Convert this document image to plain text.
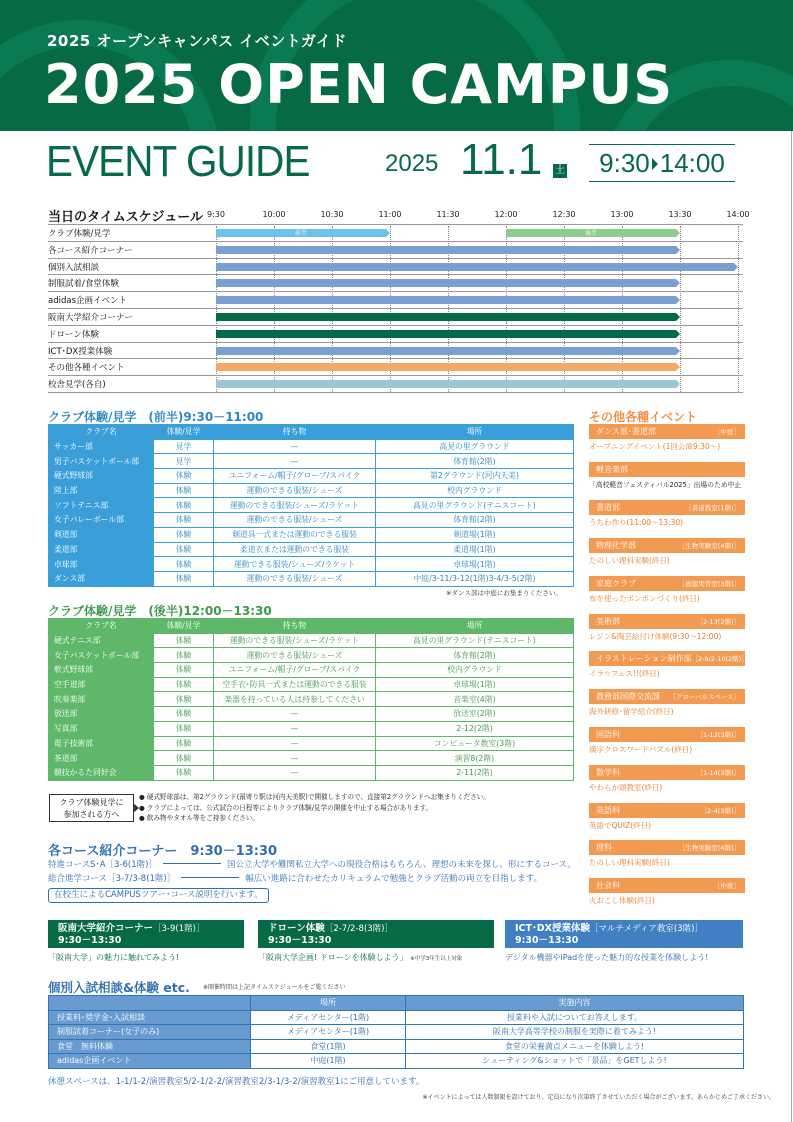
2025 オープンキャンパス イベントガイド
2025 OPEN CAMPUS
EVENT GUIDE	2025 11.1 土	9:30 14:00
当日のタイムスケジュール 9:30	10:00	10:30	11:00	11:30	12:00	12:30	13:00	13:30	14:00
クラブ体験/見学	前半	後半
各コース紹介コーナー
個別入試相談
制服試着/食堂体験
adidas企画イベント
阪南大学紹介コーナー
ドローン体験
ICT･DX授業体験
その他各種イベント
校舎見学(各自)
クラブ体験/見学　(前半)9:30－11:00
クラブ名	体験/見学	持ち物	場所
サッカー部	見学	—	高見の里グラウンド
男子バスケットボール部	見学	—	体育館(2階)
硬式野球部	体験	ユニフォーム/帽子/グローブ/スパイク	第2グラウンド(河内天美)
陸上部	体験	運動のできる服装/シューズ	校内グラウンド
ソフトテニス部	体験	運動のできる服装/シューズ/ラケット	高見の里グラウンド(テニスコート)
女子バレーボール部	体験	運動のできる服装/シューズ	体育館(2階)
剣道部	体験	剣道具一式または運動のできる服装	剣道場(1階)
柔道部	体験	柔道衣または運動のできる服装	柔道場(1階)
卓球部	体験	運動できる服装/シューズ/ラケット	卓球場(1階)
ダンス部	体験	運動のできる服装/シューズ	中庭/3-11/3-12(1階)3-4/3-5(2階)
※ダンス部は中庭にお集まりください。
クラブ体験/見学　(後半)12:00－13:30
クラブ名	体験/見学	持ち物	場所
硬式テニス部	体験	運動のできる服装/シューズ/ラケット	高見の里グラウンド(テニスコート)
女子バスケットボール部	体験	運動のできる服装/シューズ	体育館(2階)
軟式野球部	体験	ユニフォーム/帽子/グローブ/スパイク	校内グラウンド
空手道部	体験	空手衣･防具一式または運動のできる服装	卓球場(1階)
吹奏楽部	体験	楽器を持っている人は持参してください	音楽室(4階)
放送部	体験	—	放送室(2階)
写真部	体験	—	2-12(2階)
電子技術部	体験	—	コンピュータ教室(3階)
茶道部	体験	—	演習8(2階)
競技かるた同好会	体験	—	2-11(2階)
クラブ体験見学に
参加される方へ
● 硬式野球部は、第2グラウンド(最寄り駅は河内天美駅)で開催しますので、直接第2グラウンドへお集まりください。
● クラブによっては、公式試合の日程等によりクラブ体験/見学の開催を中止する場合があります。
● 飲み物やタオル等をご持参ください。
各コース紹介コーナー　9:30－13:30
特進コースS･A［3-6(1階)］	国公立大学や難関私立大学への現役合格はもちろん、理想の未来を探し、形にするコース。
総合進学コース［3-7/3-8(1階)］	幅広い進路に合わせたカリキュラムで勉強とクラブ活動の両立を目指します。
在校生によるCAMPUSツアー･コース説明を行います。
阪南大学紹介コーナー［3-9(1階)］
9:30－13:30
「阪南大学」の魅力に触れてみよう!
ドローン体験［2-7/2-8(3階)］
9:30－13:30
「阪南大学企画! ドローンを体験しよう」 ※中学3年生以上対象
ICT･DX授業体験［マルチメディア教室(3階)］
9:30－13:30
デジタル機器やiPadを使った魅力的な授業を体験しよう!
個別入試相談&体験 etc. ※開催時間は上記タイムスケジュールをご覧ください
	場所	実施内容
授業料･奨学金･入試相談	メディアセンター(1階)	授業料や入試についてお答えします。
制服試着コーナー(女子のみ)	メディアセンター(1階)	阪南大学高等学校の制服を実際に着てみよう!
食堂　無料体験	食堂(1階)	食堂の栄養満点メニューを体験しよう!
adidas企画イベント	中庭(1階)	シューティング&ショットで「景品」をGETしよう!
休憩スペースは、1-1/1-2/演習教室5/2-1/2-2/演習教室2/3-1/3-2/演習教室1にご用意しています。
※イベントによっては人数制限を設けており、定員になり次第終了させていただく場合がございます。あらかじめご了承ください。
その他各種イベント
ダンス部･書道部	［中庭］
オープニングイベント(1回公演9:30～)
軽音楽部
「高校軽音フェスティバル2025」出場のため中止
書道部	［書道教室(1階)］
うちわ作り(11:00～13:30)
物理化学部	［生物実験室(4階)］
たのしい理科実験(終日)
家庭クラブ	［被服実習室(3階)］
布を使ったボンボンづくり(終日)
美術部	［2-13(2階)］
レジン&陶芸絵付け体験(9:30～12:00)
イラストレーション制作部 ［2-9/2-10(2階)］
イラ☆フェス!!(終日)
教務部国際交流課 ［グローバルスペース］
海外研修･留学紹介(終日)
国語科	［1-12(3階)］
漢字クロスワードパズル(終日)
数学科	［1-14(3階)］
やわらか頭教室(終日)
英語科	［2-4(3階)］
英語でQUIZ(終日)
理科	［生物実験室(4階)］
たのしい理科実験(終日)
社会科	［中庭］
火おこし体験(終日)
